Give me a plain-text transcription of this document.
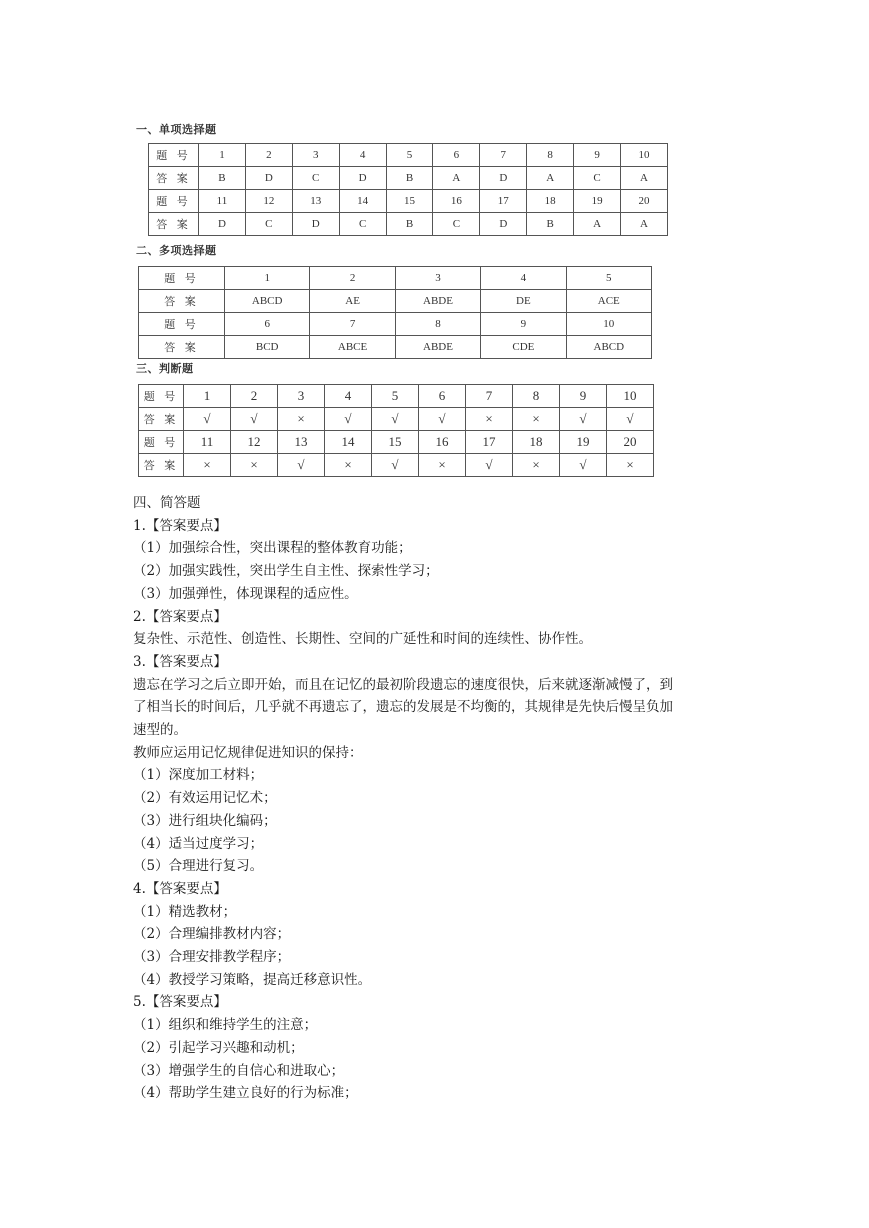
一、单项选择题
题 号	1	2	3	4	5	6	7	8	9	10
答 案	B	D	C	D	B	A	D	A	C	A
题 号	11	12	13	14	15	16	17	18	19	20
答 案	D	C	D	C	B	C	D	B	A	A
二、多项选择题
题 号	1	2	3	4	5
答 案	ABCD	AE	ABDE	DE	ACE
题 号	6	7	8	9	10
答 案	BCD	ABCE	ABDE	CDE	ABCD
三、判断题
题 号	1	2	3	4	5	6	7	8	9	10
答 案	√	√	×	√	√	√	×	×	√	√
题 号	11	12	13	14	15	16	17	18	19	20
答 案	×	×	√	×	√	×	√	×	√	×
四、简答题
1.【答案要点】
（1）加强综合性，突出课程的整体教育功能；
（2）加强实践性，突出学生自主性、探索性学习；
（3）加强弹性，体现课程的适应性。
2.【答案要点】
复杂性、示范性、创造性、长期性、空间的广延性和时间的连续性、协作性。
3.【答案要点】
遗忘在学习之后立即开始，而且在记忆的最初阶段遗忘的速度很快，后来就逐渐减慢了，到
了相当长的时间后，几乎就不再遗忘了，遗忘的发展是不均衡的，其规律是先快后慢呈负加
速型的。
教师应运用记忆规律促进知识的保持：
（1）深度加工材料；
（2）有效运用记忆术；
（3）进行组块化编码；
（4）适当过度学习；
（5）合理进行复习。
4.【答案要点】
（1）精选教材；
（2）合理编排教材内容；
（3）合理安排教学程序；
（4）教授学习策略，提高迁移意识性。
5.【答案要点】
（1）组织和维持学生的注意；
（2）引起学习兴趣和动机；
（3）增强学生的自信心和进取心；
（4）帮助学生建立良好的行为标准；
